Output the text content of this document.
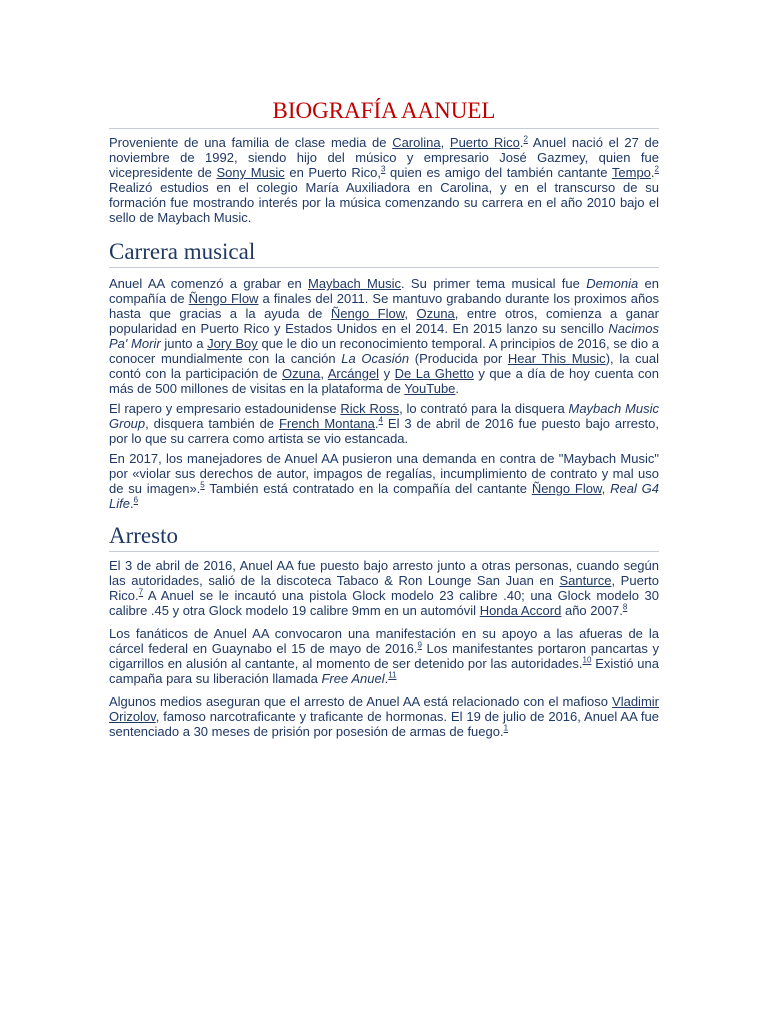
BIOGRAFÍA AANUEL

Proveniente de una familia de clase media de Carolina, Puerto Rico.$^2$ Anuel nació el 27 de noviembre de 1992, siendo hijo del músico y empresario José Gazmey, quien fue vicepresidente de Sony Music en Puerto Rico,$^3$ quien es amigo del también cantante Tempo.$^2$ Realizó estudios en el colegio María Auxiliadora en Carolina, y en el transcurso de su formación fue mostrando interés por la música comenzando su carrera en el año 2010 bajo el sello de Maybach Music.

Carrera musical

Anuel AA comenzó a grabar en Maybach Music. Su primer tema musical fue Demonia en compañía de Ñengo Flow a finales del 2011. Se mantuvo grabando durante los proximos años hasta que gracias a la ayuda de Ñengo Flow, Ozuna, entre otros, comienza a ganar popularidad en Puerto Rico y Estados Unidos en el 2014. En 2015 lanzo su sencillo Nacimos Pa' Morir junto a Jory Boy que le dio un reconocimiento temporal. A principios de 2016, se dio a conocer mundialmente con la canción La Ocasión (Producida por Hear This Music), la cual contó con la participación de Ozuna, Arcángel y De La Ghetto y que a día de hoy cuenta con más de 500 millones de visitas en la plataforma de YouTube.

El rapero y empresario estadounidense Rick Ross, lo contrató para la disquera Maybach Music Group, disquera también de French Montana.$^4$ El 3 de abril de 2016 fue puesto bajo arresto, por lo que su carrera como artista se vio estancada.

En 2017, los manejadores de Anuel AA pusieron una demanda en contra de "Maybach Music" por «violar sus derechos de autor, impagos de regalías, incumplimiento de contrato y mal uso de su imagen».$^5$ También está contratado en la compañía del cantante Ñengo Flow, Real G4 Life.$^6$

Arresto

El 3 de abril de 2016, Anuel AA fue puesto bajo arresto junto a otras personas, cuando según las autoridades, salió de la discoteca Tabaco & Ron Lounge San Juan en Santurce, Puerto Rico.$^7$ A Anuel se le incautó una pistola Glock modelo 23 calibre .40; una Glock modelo 30 calibre .45 y otra Glock modelo 19 calibre 9mm en un automóvil Honda Accord año 2007.$^8$

Los fanáticos de Anuel AA convocaron una manifestación en su apoyo a las afueras de la cárcel federal en Guaynabo el 15 de mayo de 2016.$^9$ Los manifestantes portaron pancartas y cigarrillos en alusión al cantante, al momento de ser detenido por las autoridades.$^{10}$ Existió una campaña para su liberación llamada Free Anuel.$^{11}$

Algunos medios aseguran que el arresto de Anuel AA está relacionado con el mafioso Vladimir Orizolov, famoso narcotraficante y traficante de hormonas. El 19 de julio de 2016, Anuel AA fue sentenciado a 30 meses de prisión por posesión de armas de fuego.$^1$
